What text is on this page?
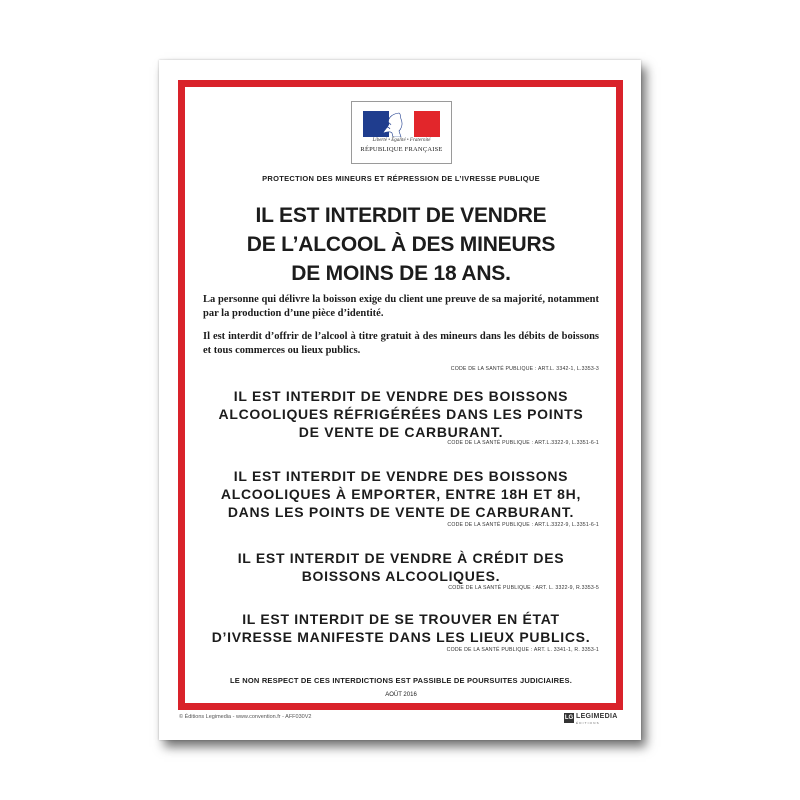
Liberté • Égalité • Fraternité
RÉPUBLIQUE FRANÇAISE
PROTECTION DES MINEURS ET RÉPRESSION DE L’IVRESSE PUBLIQUE
IL EST INTERDIT DE VENDRE
DE L’ALCOOL À DES MINEURS
DE MOINS DE 18 ANS.
La personne qui délivre la boisson exige du client une preuve de sa majorité, notamment par la production d’une pièce d’identité.
Il est interdit d’offrir de l’alcool à titre gratuit à des mineurs dans les débits de boissons et tous commerces ou lieux publics.
CODE DE LA SANTÉ PUBLIQUE : ART.L. 3342-1, L.3353-3
IL EST INTERDIT DE VENDRE DES BOISSONS
ALCOOLIQUES RÉFRIGÉRÉES DANS LES POINTS
DE VENTE DE CARBURANT.
CODE DE LA SANTÉ PUBLIQUE : ART.L.3322-9, L.3351-6-1
IL EST INTERDIT DE VENDRE DES BOISSONS
ALCOOLIQUES À EMPORTER, ENTRE 18H ET 8H,
DANS LES POINTS DE VENTE DE CARBURANT.
CODE DE LA SANTÉ PUBLIQUE : ART.L.3322-9, L.3351-6-1
IL EST INTERDIT DE VENDRE À CRÉDIT DES
BOISSONS ALCOOLIQUES.
CODE DE LA SANTÉ PUBLIQUE : ART. L. 3322-9, R.3353-5
IL EST INTERDIT DE SE TROUVER EN ÉTAT
D’IVRESSE MANIFESTE DANS LES LIEUX PUBLICS.
CODE DE LA SANTÉ PUBLIQUE : ART. L. 3341-1, R. 3353-1
LE NON RESPECT DE CES INTERDICTIONS EST PASSIBLE DE POURSUITES JUDICIAIRES.
AOÛT 2016
© Éditions Legimedia - www.convention.fr - AFF030V2	LG LEGIMEDIA
ÉDITIONS
